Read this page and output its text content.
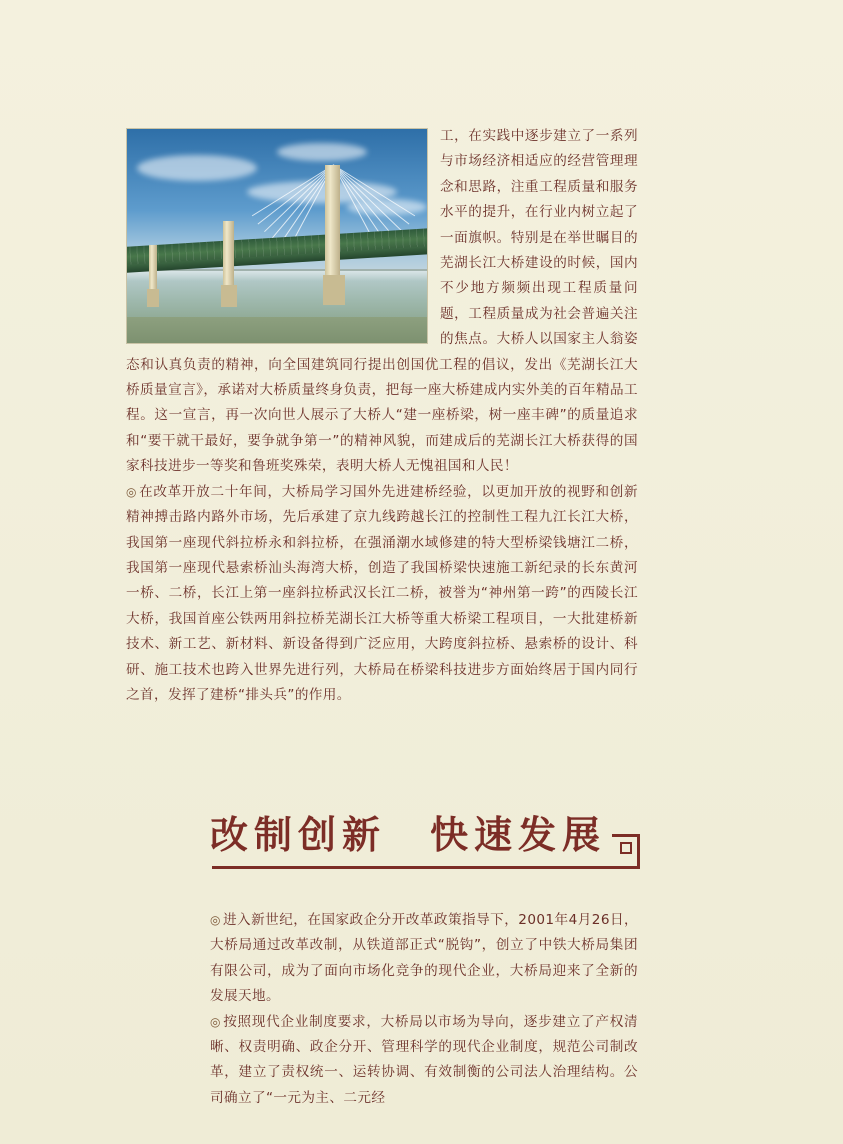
工，在实践中逐步建立了一系列与市场经济相适应的经营管理理念和思路，注重工程质量和服务水平的提升，在行业内树立起了一面旗帜。特别是在举世瞩目的芜湖长江大桥建设的时候，国内不少地方频频出现工程质量问题，工程质量成为社会普遍关注的焦点。大桥人以国家主人翁姿态和认真负责的精神，向全国建筑同行提出创国优工程的倡议，发出《芜湖长江大桥质量宣言》，承诺对大桥质量终身负责，把每一座大桥建成内实外美的百年精品工程。这一宣言，再一次向世人展示了大桥人“建一座桥梁，树一座丰碑”的质量追求和“要干就干最好，要争就争第一”的精神风貌，而建成后的芜湖长江大桥获得的国家科技进步一等奖和鲁班奖殊荣，表明大桥人无愧祖国和人民！

◎ 在改革开放二十年间，大桥局学习国外先进建桥经验，以更加开放的视野和创新精神搏击路内路外市场，先后承建了京九线跨越长江的控制性工程九江长江大桥，我国第一座现代斜拉桥永和斜拉桥，在强涌潮水域修建的特大型桥梁钱塘江二桥，我国第一座现代悬索桥汕头海湾大桥，创造了我国桥梁快速施工新纪录的长东黄河一桥、二桥，长江上第一座斜拉桥武汉长江二桥，被誉为“神州第一跨”的西陵长江大桥，我国首座公铁两用斜拉桥芜湖长江大桥等重大桥梁工程项目，一大批建桥新技术、新工艺、新材料、新设备得到广泛应用，大跨度斜拉桥、悬索桥的设计、科研、施工技术也跨入世界先进行列，大桥局在桥梁科技进步方面始终居于国内同行之首，发挥了建桥“排头兵”的作用。

改制创新　快速发展

◎ 进入新世纪，在国家政企分开改革政策指导下，2001年4月26日，大桥局通过改革改制，从铁道部正式“脱钩”，创立了中铁大桥局集团有限公司，成为了面向市场化竞争的现代企业，大桥局迎来了全新的发展天地。

◎ 按照现代企业制度要求，大桥局以市场为导向，逐步建立了产权清晰、权责明确、政企分开、管理科学的现代企业制度，规范公司制改革，建立了责权统一、运转协调、有效制衡的公司法人治理结构。公司确立了“一元为主、二元经
